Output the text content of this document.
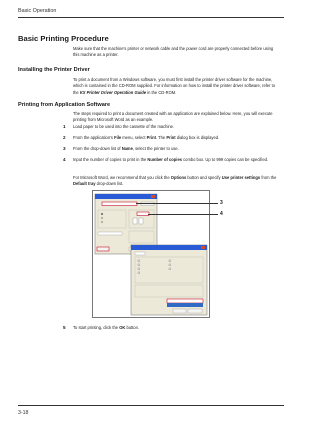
Basic Operation
Basic Printing Procedure
Make sure that the machine's printer or network cable and the power cord are properly connected before using this machine as a printer.
Installing the Printer Driver
To print a document from a Windows software, you must first install the printer driver software for the machine, which is contained in the CD-ROM supplied. For information on how to install the printer driver software, refer to the KX Printer Driver Operation Guide in the CD-ROM.
Printing from Application Software
The steps required to print a document created with an application are explained below. Here, you will execute printing from Microsoft Word as an example.
1 Load paper to be used into the cassette of the machine.
2 From the application's File menu, select Print. The Print dialog box is displayed.
3 From the drop-down list of Name, select the printer to use.
4 Input the number of copies to print in the Number of copies combo box. Up to 999 copies can be specified.
For Microsoft Word, we recommend that you click the Options button and specify Use printer settings from the Default tray drop-down list.
3
4
5 To start printing, click the OK button.
3-18
